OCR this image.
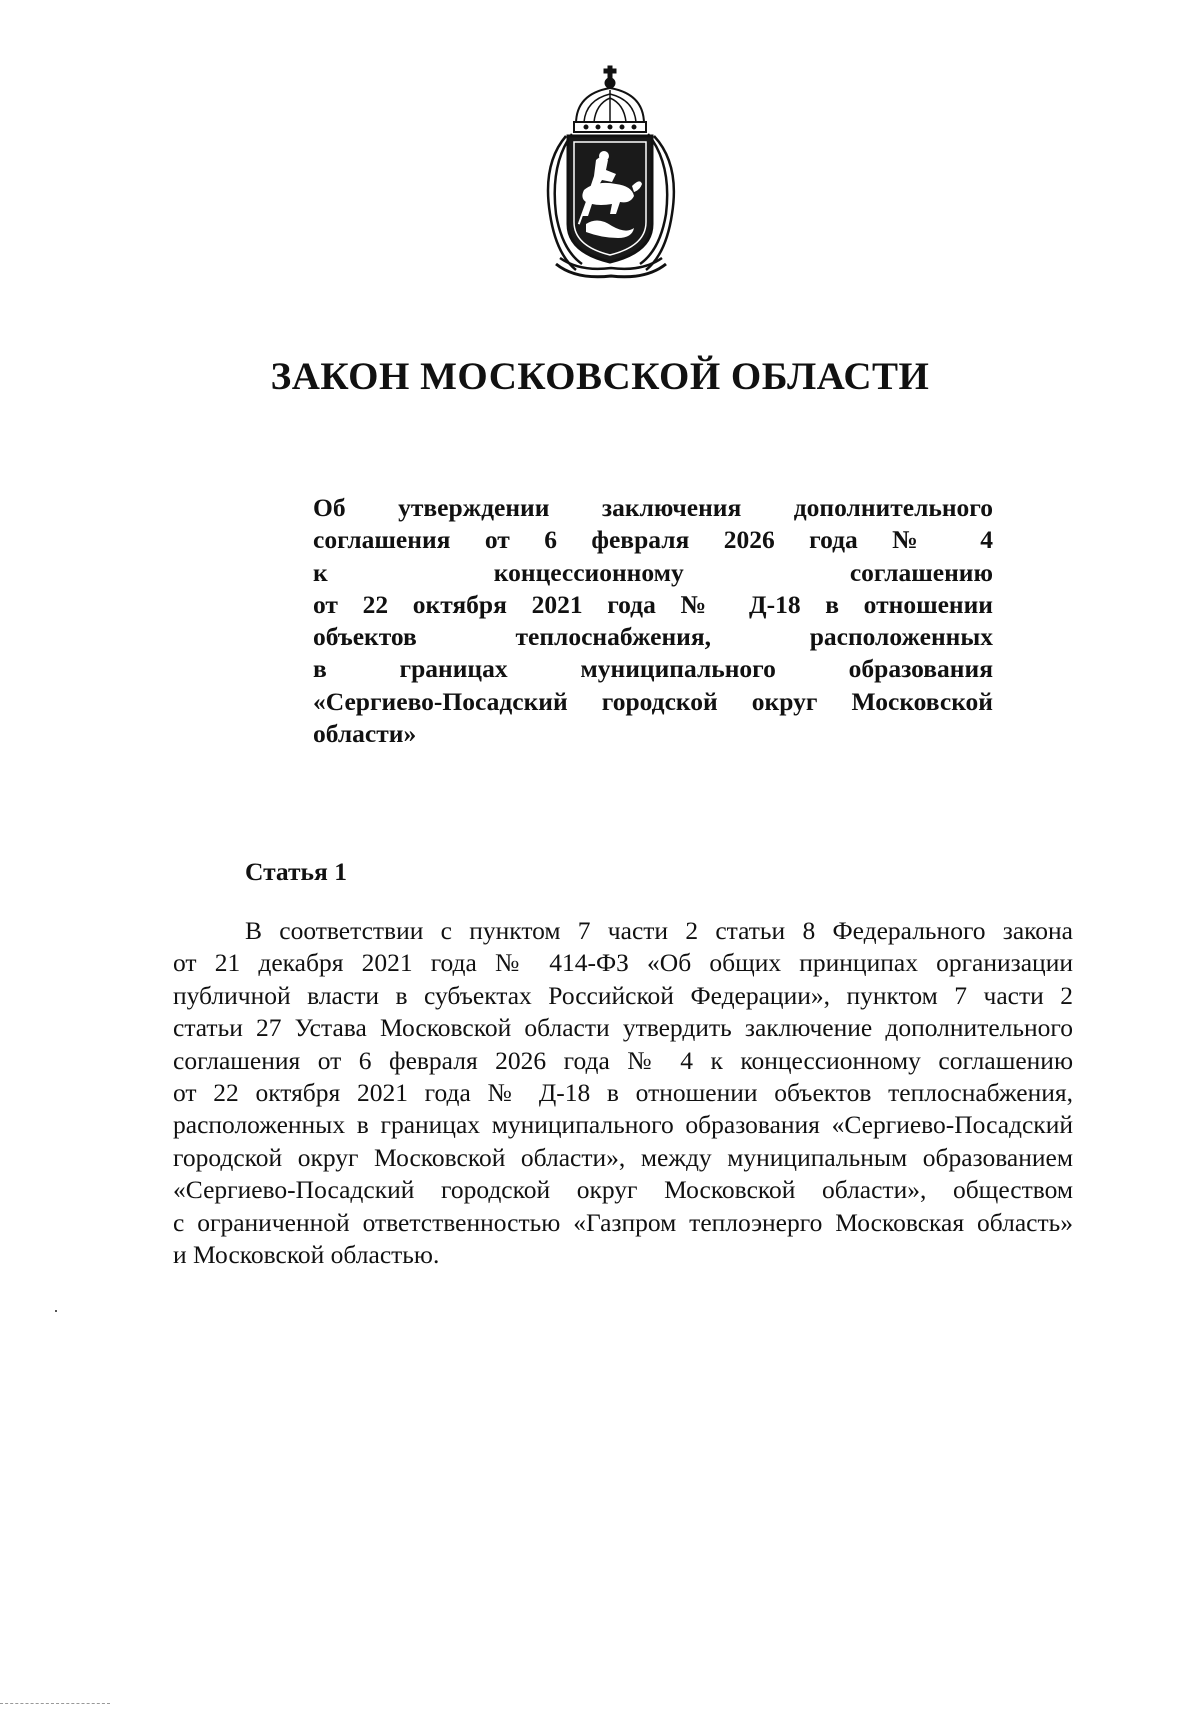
ЗАКОН МОСКОВСКОЙ ОБЛАСТИ
Об утверждении заключения дополнительного
соглашения от 6 февраля 2026 года № 4
к концессионному соглашению
от 22 октября 2021 года № Д-18 в отношении
объектов теплоснабжения, расположенных
в границах муниципального образования
«Сергиево-Посадский городской округ Московской
области»
Статья 1
В соответствии с пунктом 7 части 2 статьи 8 Федерального закона
от 21 декабря 2021 года № 414-ФЗ «Об общих принципах организации
публичной власти в субъектах Российской Федерации», пунктом 7 части 2
статьи 27 Устава Московской области утвердить заключение дополнительного
соглашения от 6 февраля 2026 года № 4 к концессионному соглашению
от 22 октября 2021 года № Д-18 в отношении объектов теплоснабжения,
расположенных в границах муниципального образования «Сергиево-Посадский
городской округ Московской области», между муниципальным образованием
«Сергиево-Посадский городской округ Московской области», обществом
с ограниченной ответственностью «Газпром теплоэнерго Московская область»
и Московской областью.
